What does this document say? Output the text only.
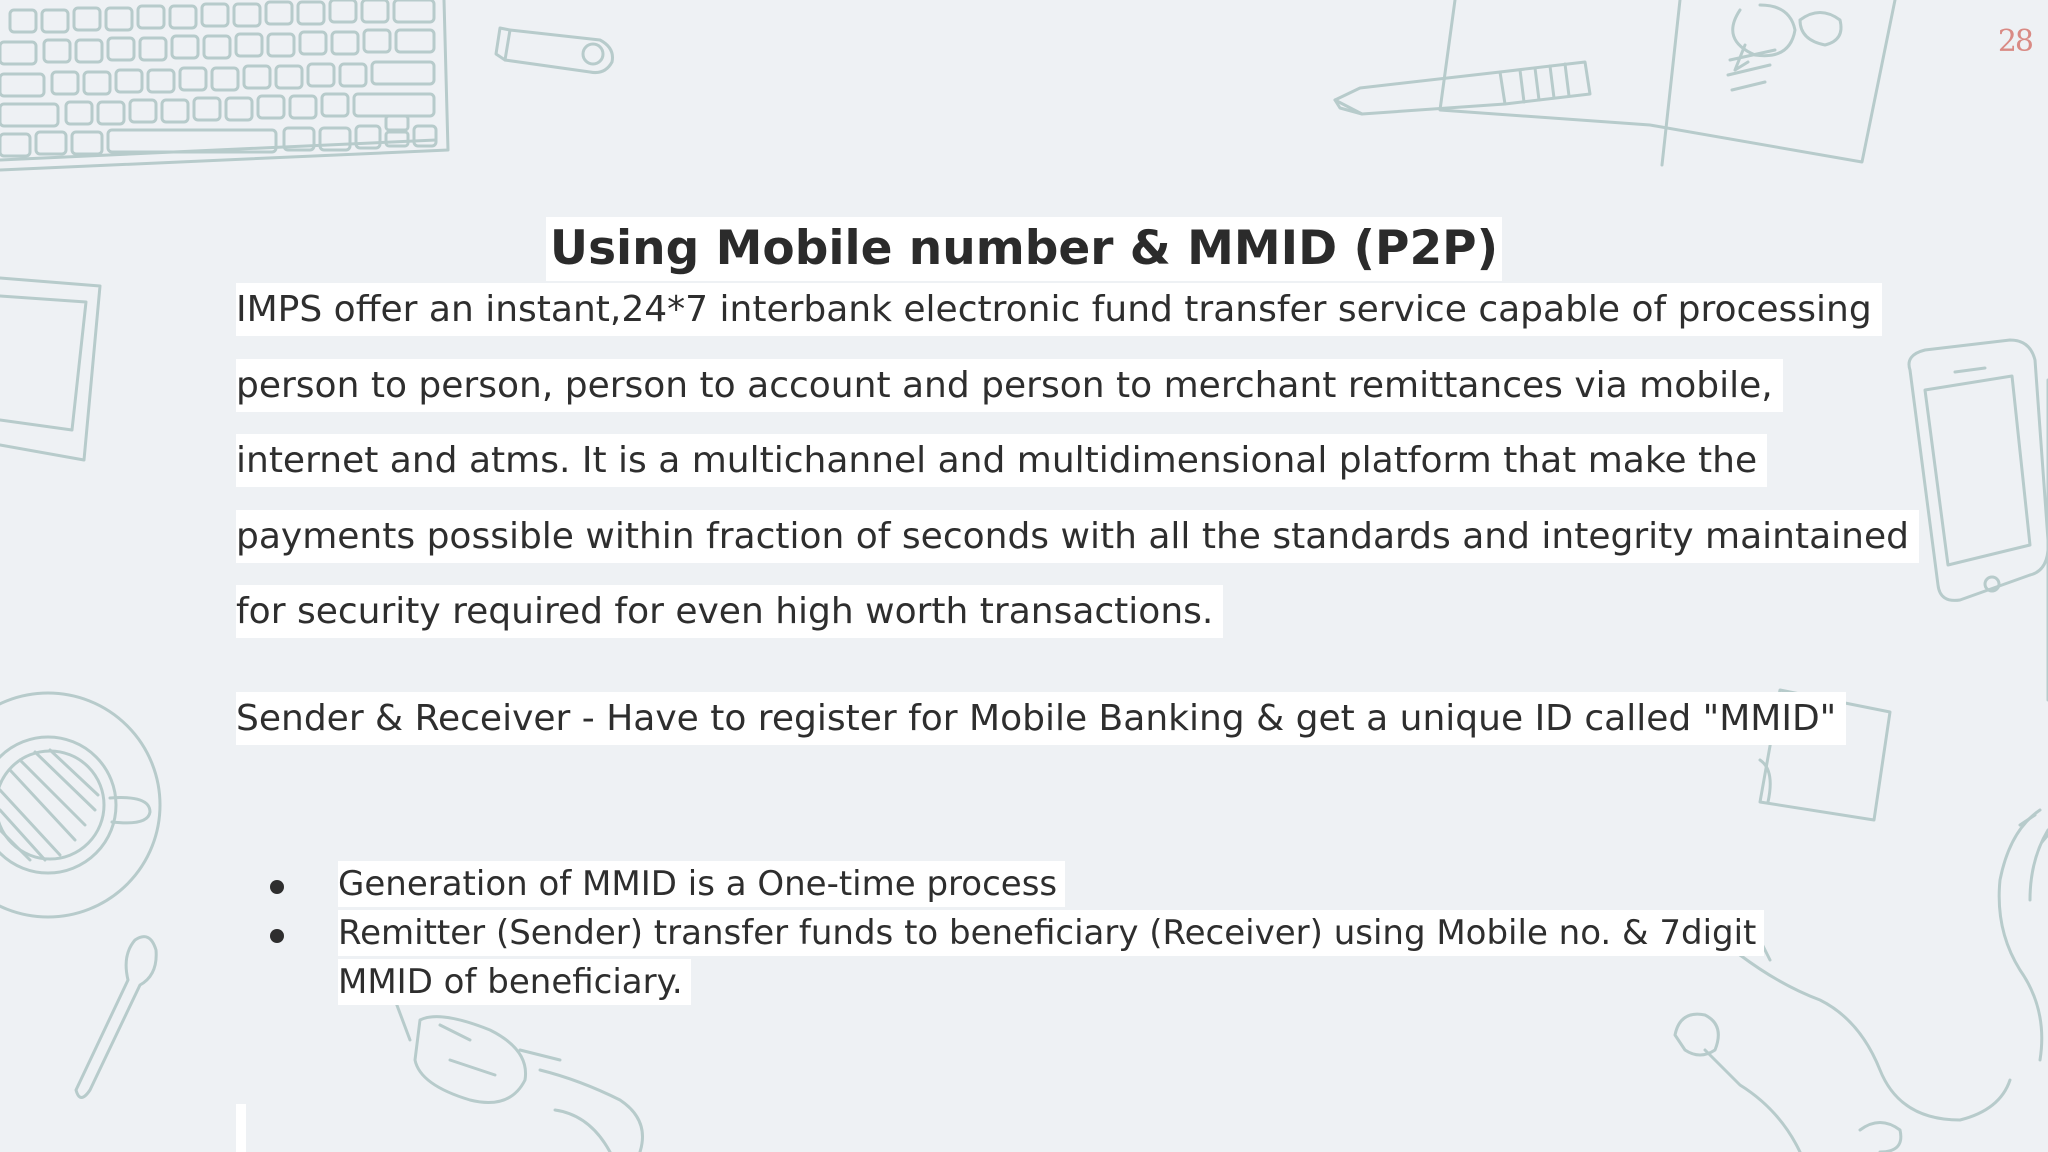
28
Using Mobile number & MMID (P2P)
IMPS offer an instant,24*7 interbank electronic fund transfer service capable of processing person to person, person to account and person to merchant remittances via mobile, internet and atms. It is a multichannel and multidimensional platform that make the payments possible within fraction of seconds with all the standards and integrity maintained for security required for even high worth transactions.
Sender & Receiver - Have to register for Mobile Banking & get a unique ID called "MMID"
Generation of MMID is a One-time process
Remitter (Sender) transfer funds to beneficiary (Receiver) using Mobile no. & 7digit MMID of beneficiary.
